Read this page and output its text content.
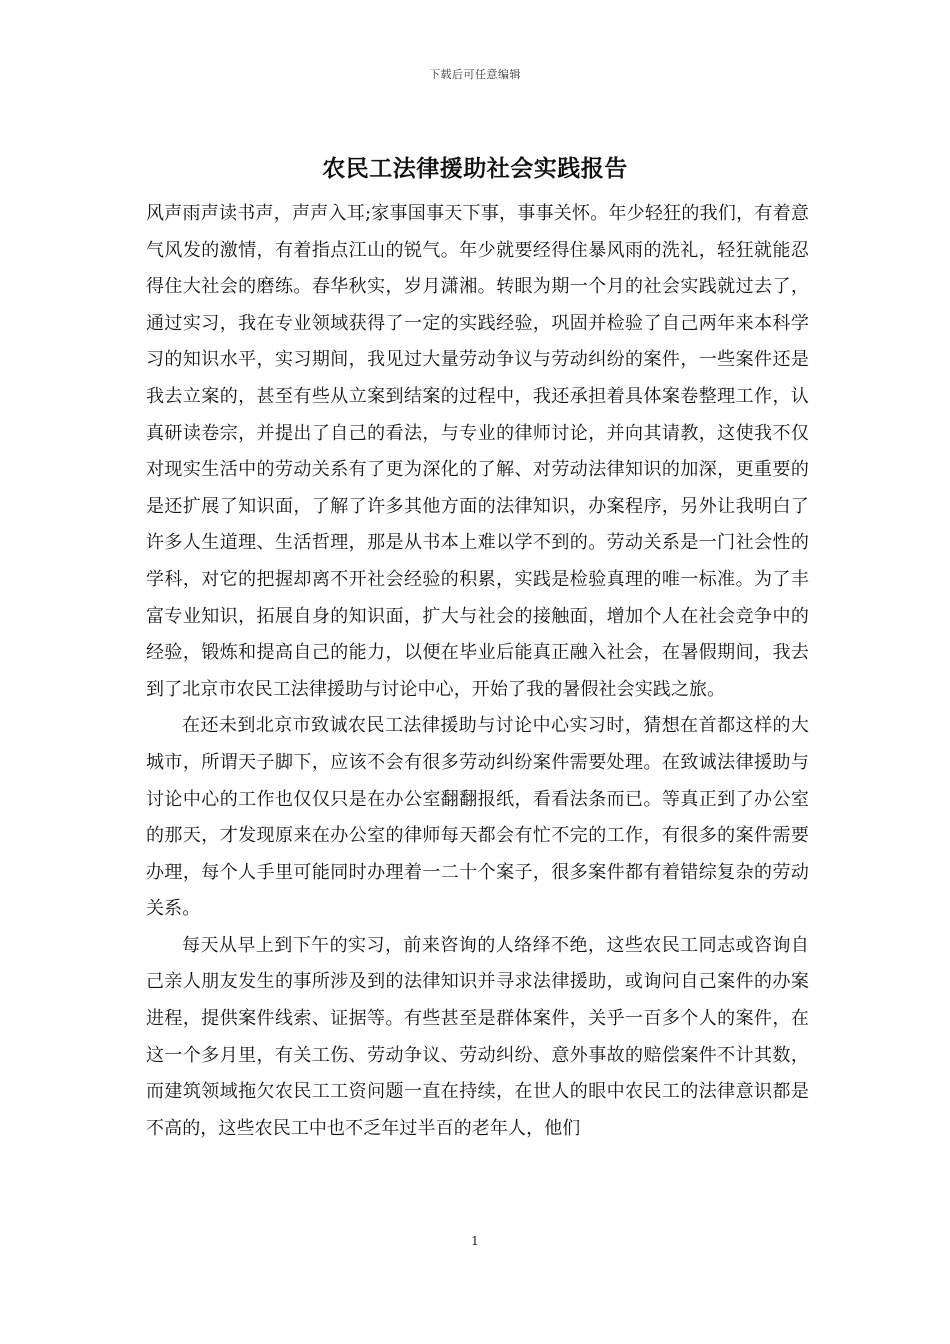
下载后可任意编辑
农民工法律援助社会实践报告

风声雨声读书声，声声入耳;家事国事天下事，事事关怀。年少轻狂的我们，有着意气风发的激情，有着指点江山的锐气。年少就要经得住暴风雨的洗礼，轻狂就能忍得住大社会的磨练。春华秋实，岁月潇湘。转眼为期一个月的社会实践就过去了，通过实习，我在专业领域获得了一定的实践经验，巩固并检验了自己两年来本科学习的知识水平，实习期间，我见过大量劳动争议与劳动纠纷的案件，一些案件还是我去立案的，甚至有些从立案到结案的过程中，我还承担着具体案卷整理工作，认真研读卷宗，并提出了自己的看法，与专业的律师讨论，并向其请教，这使我不仅对现实生活中的劳动关系有了更为深化的了解、对劳动法律知识的加深，更重要的是还扩展了知识面，了解了许多其他方面的法律知识，办案程序，另外让我明白了许多人生道理、生活哲理，那是从书本上难以学不到的。劳动关系是一门社会性的学科，对它的把握却离不开社会经验的积累，实践是检验真理的唯一标准。为了丰富专业知识，拓展自身的知识面，扩大与社会的接触面，增加个人在社会竞争中的经验，锻炼和提高自己的能力，以便在毕业后能真正融入社会，在暑假期间，我去到了北京市农民工法律援助与讨论中心，开始了我的暑假社会实践之旅。

在还未到北京市致诚农民工法律援助与讨论中心实习时，猜想在首都这样的大城市，所谓天子脚下，应该不会有很多劳动纠纷案件需要处理。在致诚法律援助与讨论中心的工作也仅仅只是在办公室翻翻报纸，看看法条而已。等真正到了办公室的那天，才发现原来在办公室的律师每天都会有忙不完的工作，有很多的案件需要办理，每个人手里可能同时办理着一二十个案子，很多案件都有着错综复杂的劳动关系。

每天从早上到下午的实习，前来咨询的人络绎不绝，这些农民工同志或咨询自己亲人朋友发生的事所涉及到的法律知识并寻求法律援助，或询问自己案件的办案进程，提供案件线索、证据等。有些甚至是群体案件，关乎一百多个人的案件，在这一个多月里，有关工伤、劳动争议、劳动纠纷、意外事故的赔偿案件不计其数，而建筑领域拖欠农民工工资问题一直在持续，在世人的眼中农民工的法律意识都是不高的，这些农民工中也不乏年过半百的老年人，他们

1
